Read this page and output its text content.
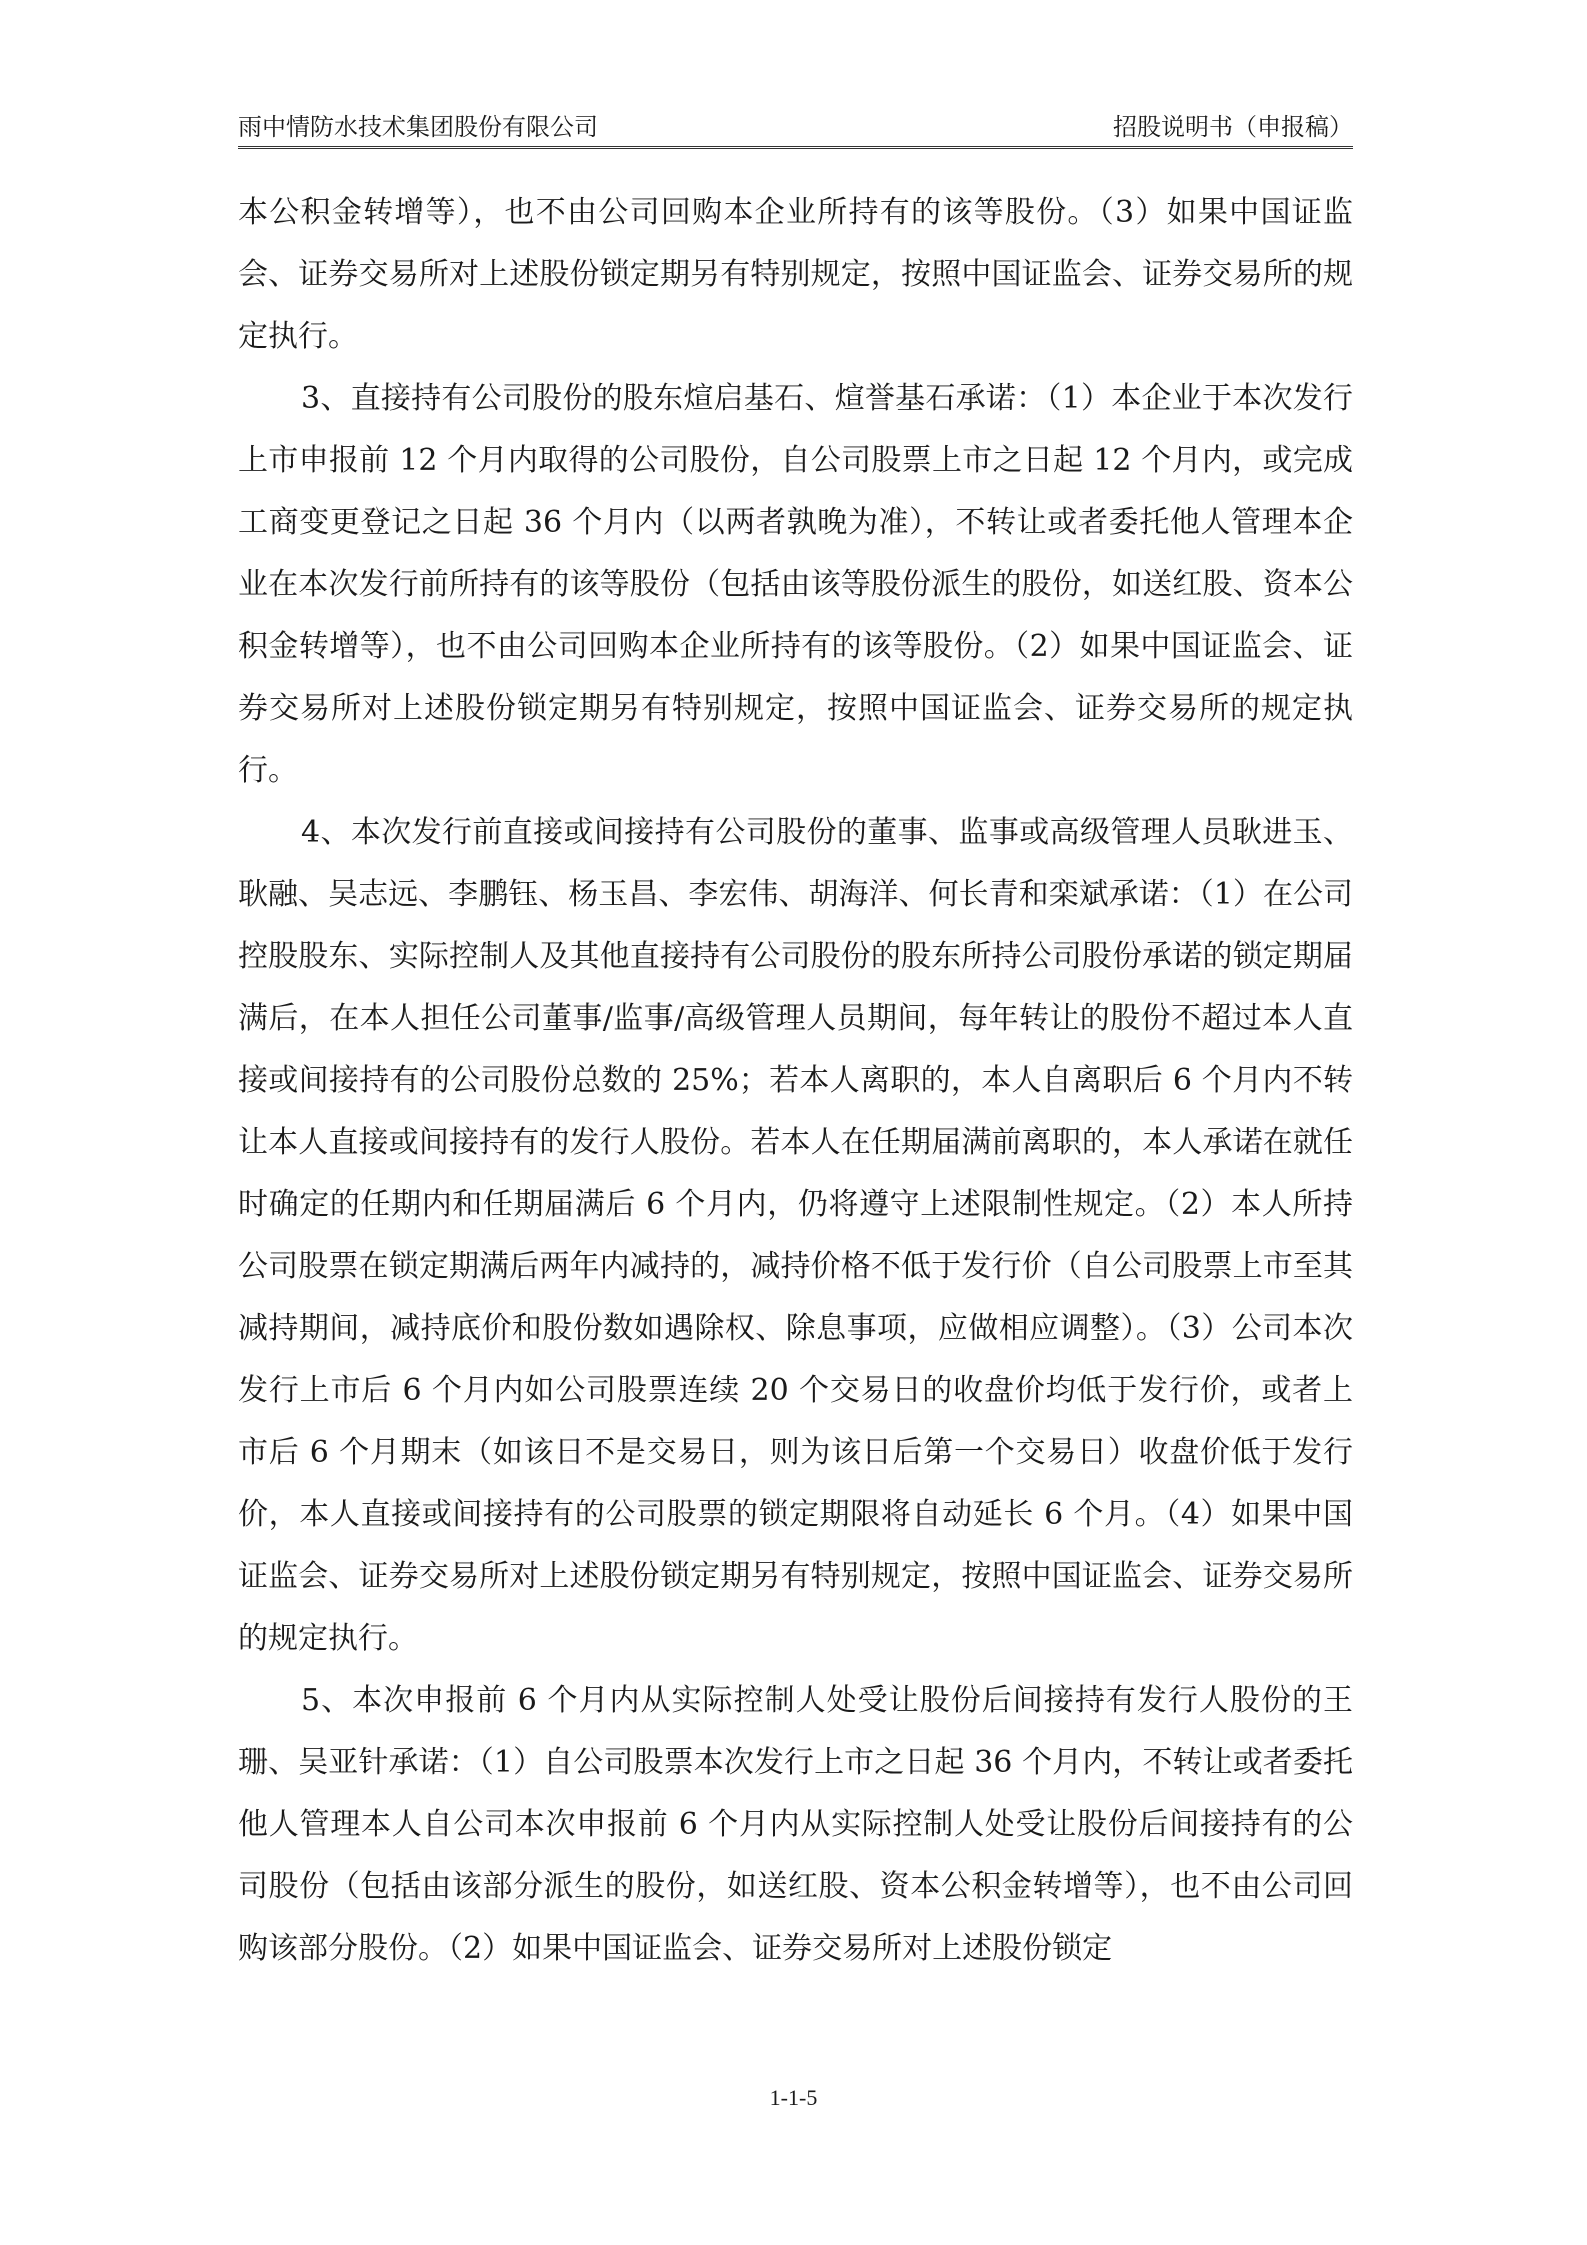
雨中情防水技术集团股份有限公司	招股说明书（申报稿）

本公积金转增等），也不由公司回购本企业所持有的该等股份。（3）如果中国证监会、证券交易所对上述股份锁定期另有特别规定，按照中国证监会、证券交易所的规定执行。

3、直接持有公司股份的股东煊启基石、煊誉基石承诺：（1）本企业于本次发行上市申报前 12 个月内取得的公司股份，自公司股票上市之日起 12 个月内，或完成工商变更登记之日起 36 个月内（以两者孰晚为准），不转让或者委托他人管理本企业在本次发行前所持有的该等股份（包括由该等股份派生的股份，如送红股、资本公积金转增等），也不由公司回购本企业所持有的该等股份。（2）如果中国证监会、证券交易所对上述股份锁定期另有特别规定，按照中国证监会、证券交易所的规定执行。

4、本次发行前直接或间接持有公司股份的董事、监事或高级管理人员耿进玉、耿融、吴志远、李鹏钰、杨玉昌、李宏伟、胡海洋、何长青和栾斌承诺：（1）在公司控股股东、实际控制人及其他直接持有公司股份的股东所持公司股份承诺的锁定期届满后，在本人担任公司董事/监事/高级管理人员期间，每年转让的股份不超过本人直接或间接持有的公司股份总数的 25%；若本人离职的，本人自离职后 6 个月内不转让本人直接或间接持有的发行人股份。若本人在任期届满前离职的，本人承诺在就任时确定的任期内和任期届满后 6 个月内，仍将遵守上述限制性规定。（2）本人所持公司股票在锁定期满后两年内减持的，减持价格不低于发行价（自公司股票上市至其减持期间，减持底价和股份数如遇除权、除息事项，应做相应调整）。（3）公司本次发行上市后 6 个月内如公司股票连续 20 个交易日的收盘价均低于发行价，或者上市后 6 个月期末（如该日不是交易日，则为该日后第一个交易日）收盘价低于发行价，本人直接或间接持有的公司股票的锁定期限将自动延长 6 个月。（4）如果中国证监会、证券交易所对上述股份锁定期另有特别规定，按照中国证监会、证券交易所的规定执行。

5、本次申报前 6 个月内从实际控制人处受让股份后间接持有发行人股份的王珊、吴亚针承诺：（1）自公司股票本次发行上市之日起 36 个月内，不转让或者委托他人管理本人自公司本次申报前 6 个月内从实际控制人处受让股份后间接持有的公司股份（包括由该部分派生的股份，如送红股、资本公积金转增等），也不由公司回购该部分股份。（2）如果中国证监会、证券交易所对上述股份锁定

1-1-5
